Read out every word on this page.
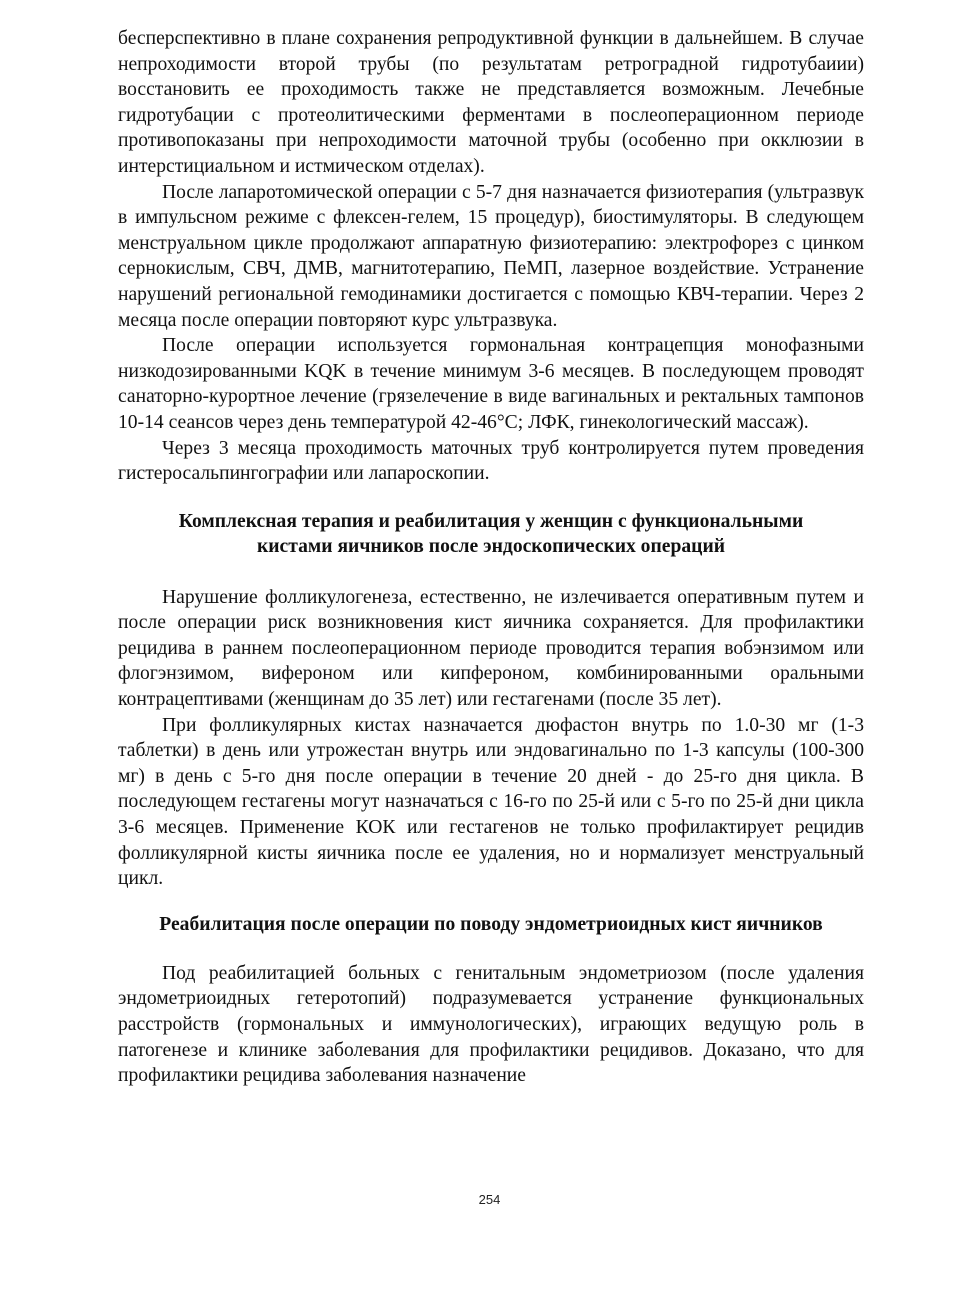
бесперспективно в плане сохранения репродуктивной функции в дальнейшем. В случае непроходимости второй трубы (по результатам ретроградной гидротубаиии) восстановить ее проходимость также не представляется возможным. Лечебные гидротубации с протеолитическими ферментами в послеоперационном периоде противопоказаны при непроходимости маточной трубы (особенно при окклюзии в интерстициальном и истмическом отделах).

После лапаротомической операции с 5-7 дня назначается физиотерапия (ультразвук в импульсном режиме с флексен-гелем, 15 процедур), биостимуляторы. В следующем менструальном цикле продолжают аппаратную физиотерапию: электрофорез с цинком сернокислым, СВЧ, ДМВ, магнитотерапию, ПеМП, лазерное воздействие. Устранение нарушений региональной гемодинамики достигается с помощью КВЧ-терапии. Через 2 месяца после операции повторяют курс ультразвука.

После операции используется гормональная контрацепция монофазными низкодозированными KQK в течение минимум 3-6 месяцев. В последующем проводят санаторно-курортное лечение (грязелечение в виде вагинальных и ректальных тампонов 10-14 сеансов через день температурой 42-46°С; ЛФК, гинекологический массаж).

Через 3 месяца проходимость маточных труб контролируется путем проведения гистеросальпингографии или лапароскопии.

Комплексная терапия и реабилитация у женщин с функциональными
кистами яичников после эндоскопических операций

Нарушение фолликулогенеза, естественно, не излечивается оперативным путем и после операции риск возникновения кист яичника сохраняется. Для профилактики рецидива в раннем послеоперационном периоде проводится терапия вобэнзимом или флогэнзимом, вифероном или кипфероном, комбинированными оральными контрацептивами (женщинам до 35 лет) или гестагенами (после 35 лет).

При фолликулярных кистах назначается дюфастон внутрь по 1.0-30 мг (1-3 таблетки) в день или утрожестан внутрь или эндовагинально по 1-3 капсулы (100-300 мг) в день с 5-го дня после операции в течение 20 дней - до 25-го дня цикла. В последующем гестагены могут назначаться с 16-го по 25-й или с 5-го по 25-й дни цикла 3-6 месяцев. Применение КОК или гестагенов не только профилактирует рецидив фолликулярной кисты яичника после ее удаления, но и нормализует менструальный цикл.

Реабилитация после операции по поводу эндометриоидных кист яичников

Под реабилитацией больных с генитальным эндометриозом (после удаления эндометриоидных гетеротопий) подразумевается устранение функциональных расстройств (гормональных и иммунологических), играющих ведущую роль в патогенезе и клинике заболевания для профилактики рецидивов. Доказано, что для профилактики рецидива заболевания назначение

254
